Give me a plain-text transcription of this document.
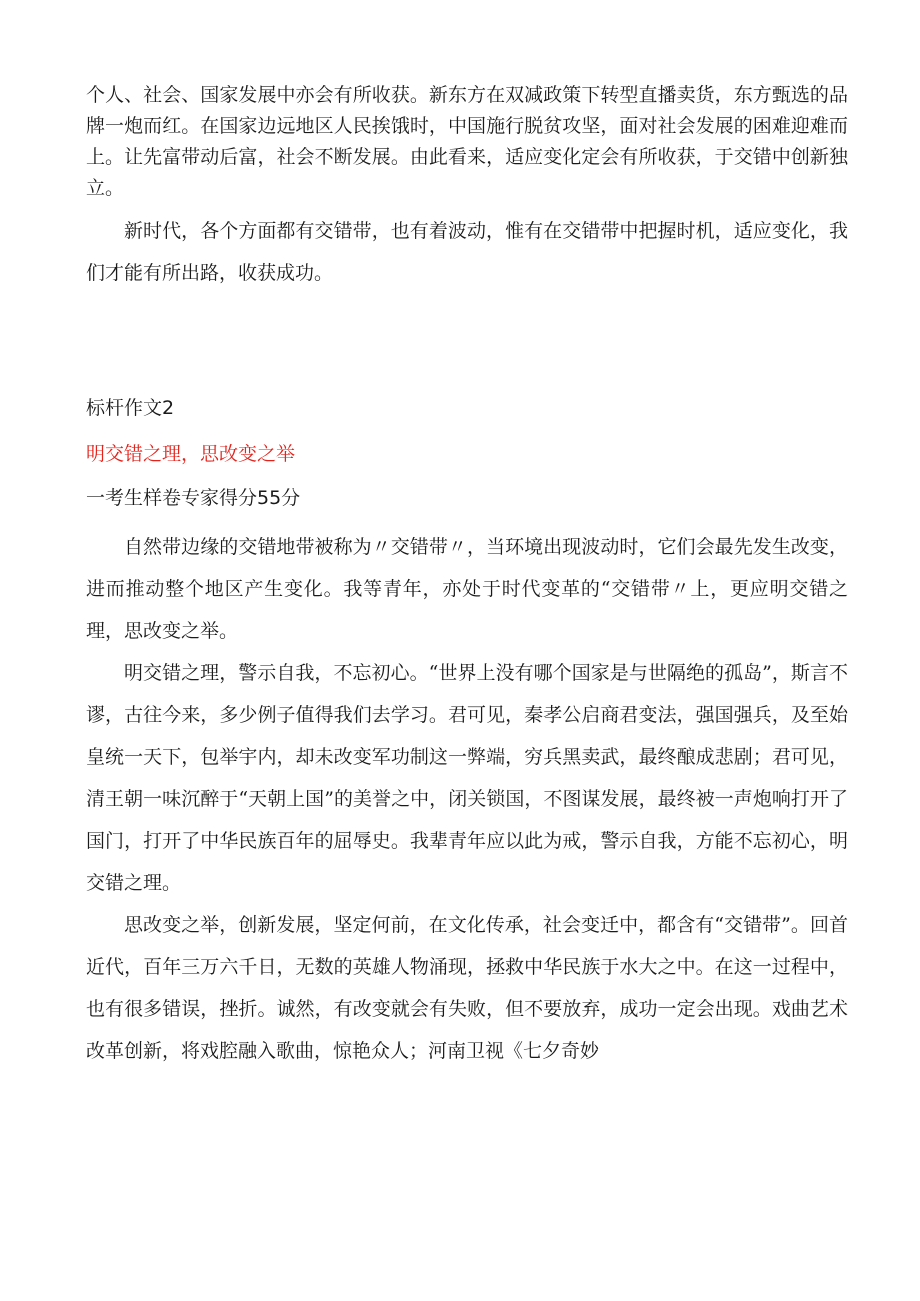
个人、社会、国家发展中亦会有所收获。新东方在双减政策下转型直播卖货，东方甄选的品牌一炮而红。在国家边远地区人民挨饿时，中国施行脱贫攻坚，面对社会发展的困难迎难而上。让先富带动后富，社会不断发展。由此看来，适应变化定会有所收获，于交错中创新独立。

新时代，各个方面都有交错带，也有着波动，惟有在交错带中把握时机，适应变化，我们才能有所出路，收获成功。

标杆作文2

明交错之理，思改变之举

一考生样卷专家得分55分

自然带边缘的交错地带被称为〃交错带〃，当环境出现波动时，它们会最先发生改变，进而推动整个地区产生变化。我等青年，亦处于时代变革的“交错带〃上，更应明交错之理，思改变之举。

明交错之理，警示自我，不忘初心。“世界上没有哪个国家是与世隔绝的孤岛”，斯言不谬，古往今来，多少例子值得我们去学习。君可见，秦孝公启商君变法，强国强兵，及至始皇统一天下，包举宇内，却未改变军功制这一弊端，穷兵黑卖武，最终酿成悲剧；君可见，清王朝一味沉醉于“天朝上国”的美誉之中，闭关锁国，不图谋发展，最终被一声炮响打开了国门，打开了中华民族百年的屈辱史。我辈青年应以此为戒，警示自我，方能不忘初心，明交错之理。

思改变之举，创新发展，坚定何前，在文化传承，社会变迁中，都含有“交错带”。回首近代，百年三万六千日，无数的英雄人物涌现，拯救中华民族于水大之中。在这一过程中，也有很多错误，挫折。诚然，有改变就会有失败，但不要放弃，成功一定会出现。戏曲艺术改革创新，将戏腔融入歌曲，惊艳众人；河南卫视《七夕奇妙
